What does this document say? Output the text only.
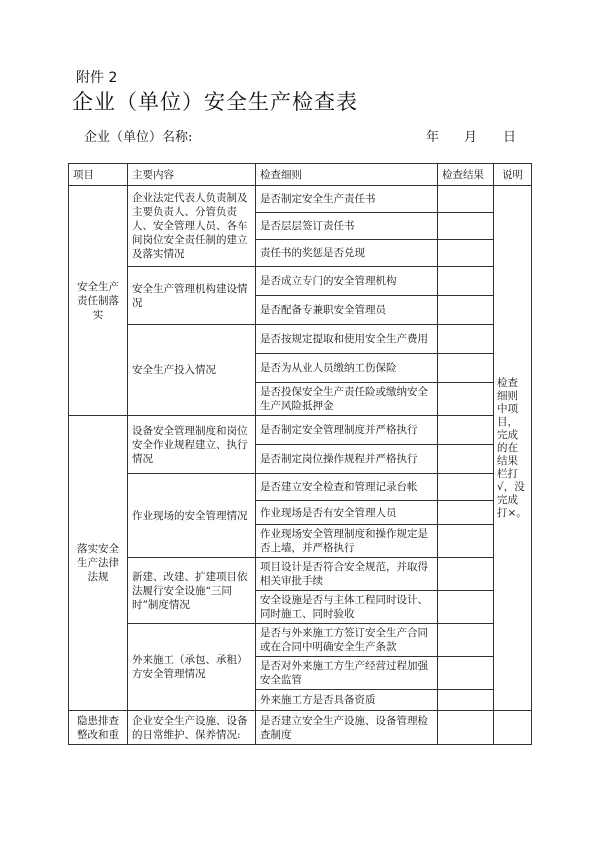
附件 2
企业（单位）安全生产检查表
企业（单位）名称:	年 月 日
项目	主要内容	检查细则	检查结果	说明
安全生产责任制落实	企业法定代表人负责制及主要负责人、分管负责人、安全管理人员、各车间岗位安全责任制的建立及落实情况	是否制定安全生产责任书		检查细则中项目，完成的在结果栏打√，没完成打×。
		是否层层签订责任书		
		责任书的奖惩是否兑现		
	安全生产管理机构建设情况	是否成立专门的安全管理机构		
		是否配备专兼职安全管理员		
	安全生产投入情况	是否按规定提取和使用安全生产费用		
		是否为从业人员缴纳工伤保险		
		是否投保安全生产责任险或缴纳安全生产风险抵押金		
落实安全生产法律法规	设备安全管理制度和岗位安全作业规程建立、执行情况	是否制定安全管理制度并严格执行		
		是否制定岗位操作规程并严格执行		
	作业现场的安全管理情况	是否建立安全检查和管理记录台帐		
		作业现场是否有安全管理人员		
		作业现场安全管理制度和操作规定是否上墙，并严格执行		
	新建、改建、扩建项目依法履行安全设施“三同时”制度情况	项目设计是否符合安全规范，并取得相关审批手续		
		安全设施是否与主体工程同时设计、同时施工、同时验收		
	外来施工（承包、承租）方安全管理情况	是否与外来施工方签订安全生产合同或在合同中明确安全生产条款		
		是否对外来施工方生产经营过程加强安全监管		
		外来施工方是否具备资质		
隐患排查整改和重	企业安全生产设施、设备的日常维护、保养情况:	是否建立安全生产设施、设备管理检查制度		
